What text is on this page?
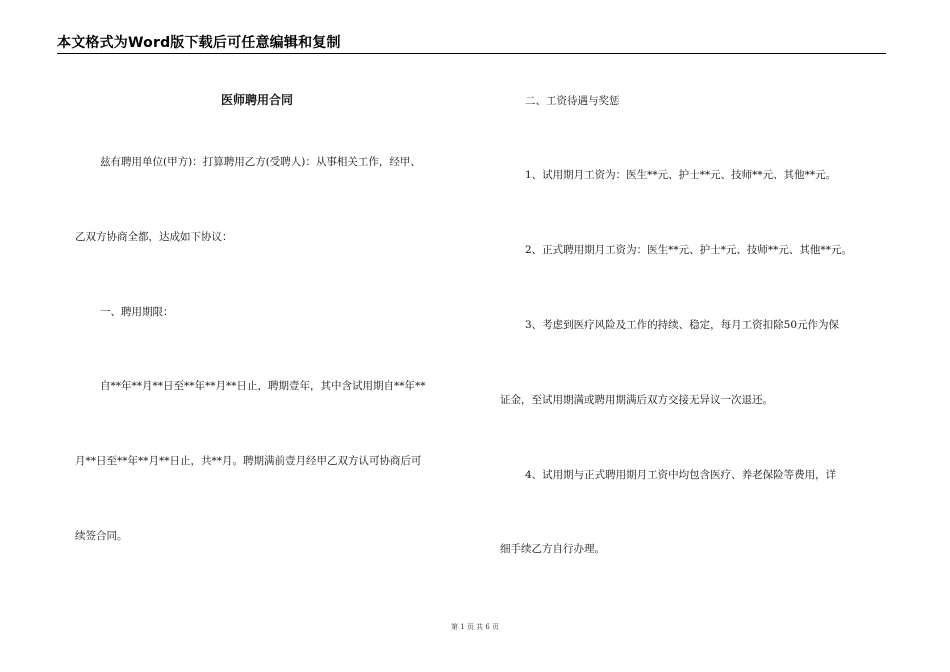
本文格式为Word版下载后可任意编辑和复制
医师聘用合同
兹有聘用单位(甲方)：打算聘用乙方(受聘人)：从事相关工作，经甲、
乙双方协商全都，达成如下协议：
一、聘用期限：
自**年**月**日至**年**月**日止，聘期壹年，其中含试用期自**年**
月**日至**年**月**日止，共**月。聘期满前壹月经甲乙双方认可协商后可
续签合同。
二、工资待遇与奖惩
1、试用期月工资为：医生**元、护士**元、技师**元、其他**元。
2、正式聘用期月工资为：医生**元、护士*元、技师**元、其他**元。
3、考虑到医疗风险及工作的持续、稳定，每月工资扣除50元作为保
证金，至试用期满或聘用期满后双方交接无异议一次退还。
4、试用期与正式聘用期月工资中均包含医疗、养老保险等费用，详
细手续乙方自行办理。
第 1 页 共 6 页
